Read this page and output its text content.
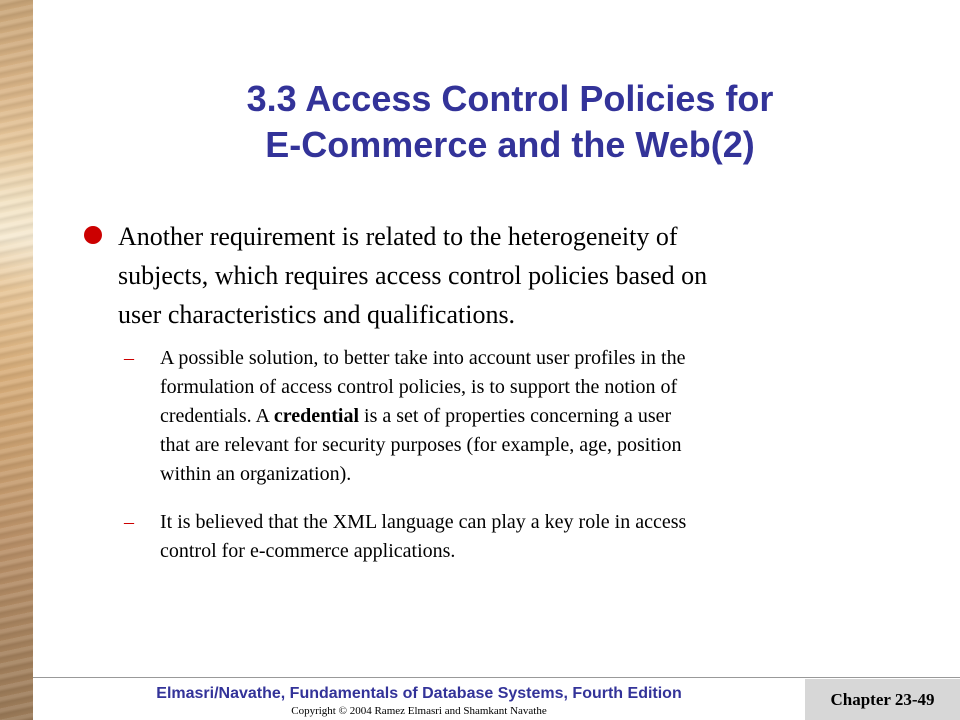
3.3 Access Control Policies for
E-Commerce and the Web(2)
Another requirement is related to the heterogeneity of
subjects, which requires access control policies based on
user characteristics and qualifications.
– A possible solution, to better take into account user profiles in the
formulation of access control policies, is to support the notion of
credentials. A credential is a set of properties concerning a user
that are relevant for security purposes (for example, age, position
within an organization).
– It is believed that the XML language can play a key role in access
control for e-commerce applications.
Elmasri/Navathe, Fundamentals of Database Systems, Fourth Edition
Copyright © 2004 Ramez Elmasri and Shamkant Navathe
Chapter 23-49
